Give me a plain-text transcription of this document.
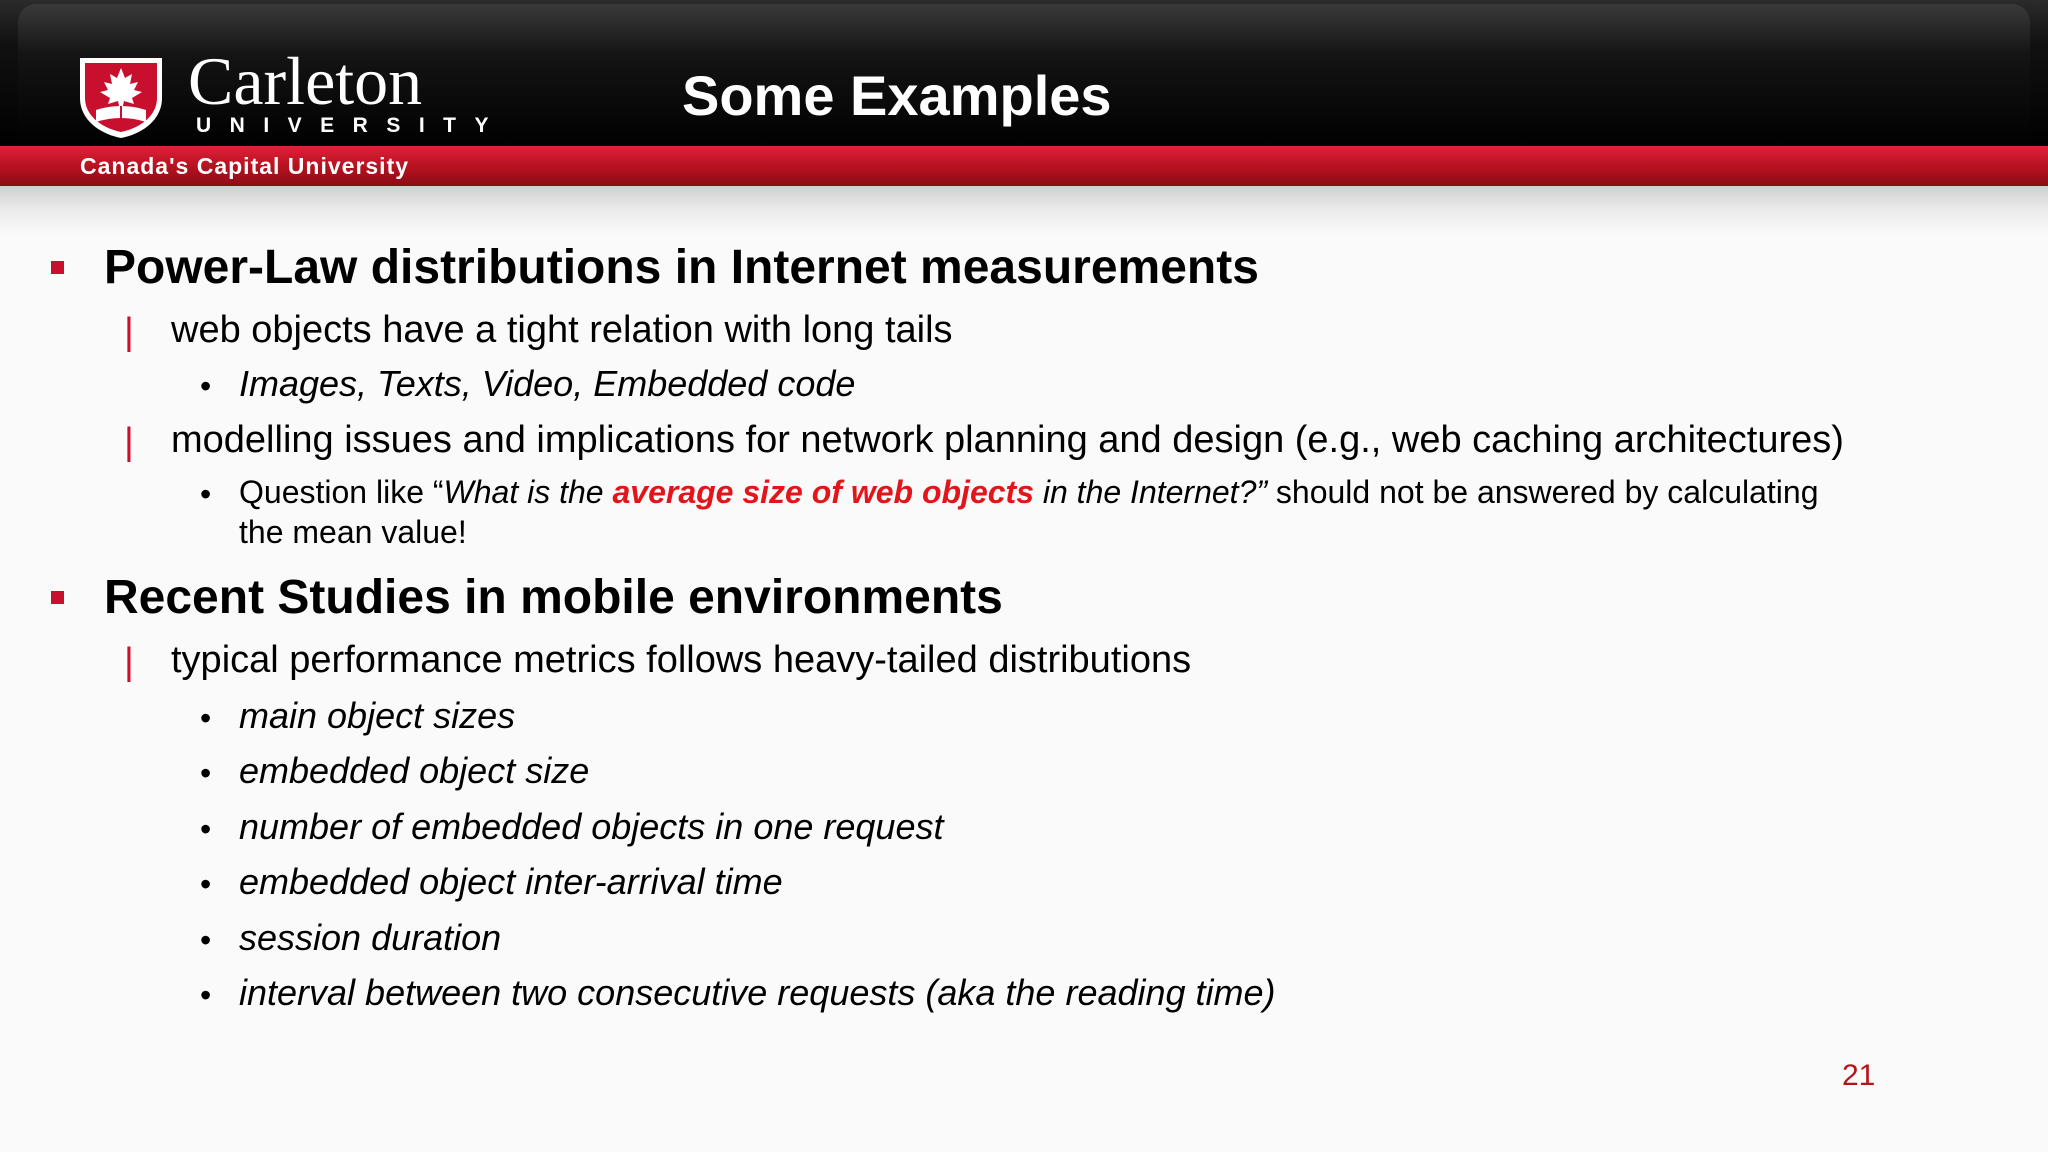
Carleton
UNIVERSITY
Canada's Capital University
Some Examples
Power-Law distributions in Internet measurements
| web objects have a tight relation with long tails
• Images, Texts, Video, Embedded code
| modelling issues and implications for network planning and design (e.g., web caching architectures)
• Question like “What is the average size of web objects in the Internet?” should not be answered by calculating
the mean value!
Recent Studies in mobile environments
| typical performance metrics follows heavy-tailed distributions
• main object sizes
• embedded object size
• number of embedded objects in one request
• embedded object inter-arrival time
• session duration
• interval between two consecutive requests (aka the reading time)
21
